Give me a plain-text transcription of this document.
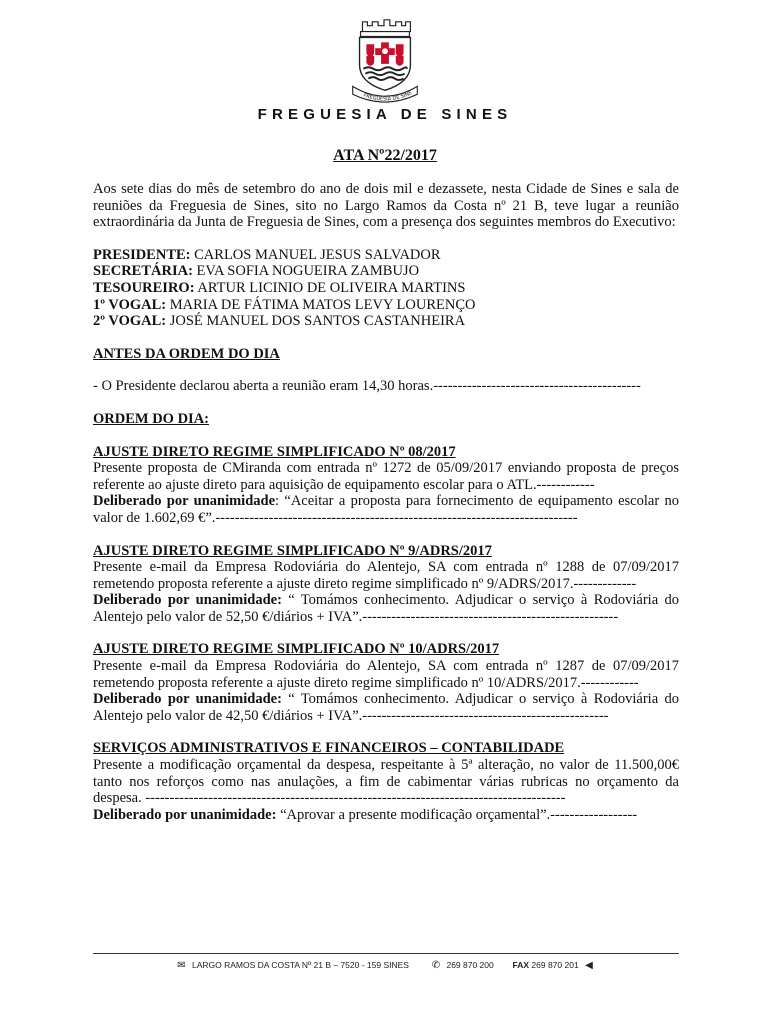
FREGUESIA DE SINE
FREGUESIA DE SINES
ATA Nº22/2017

Aos sete dias do mês de setembro do ano de dois mil e dezassete, nesta Cidade de Sines e sala de reuniões da Freguesia de Sines, sito no Largo Ramos da Costa nº 21 B, teve lugar a reunião extraordinária da Junta de Freguesia de Sines, com a presença dos seguintes membros do Executivo:

PRESIDENTE: CARLOS MANUEL JESUS SALVADOR

SECRETÁRIA: EVA SOFIA NOGUEIRA ZAMBUJO

TESOUREIRO: ARTUR LICINIO DE OLIVEIRA MARTINS

1º VOGAL: MARIA DE FÁTIMA MATOS LEVY LOURENÇO

2º VOGAL: JOSÉ MANUEL DOS SANTOS CASTANHEIRA

ANTES DA ORDEM DO DIA

- O Presidente declarou aberta a reunião eram 14,30 horas.-------------------------------------------

ORDEM DO DIA:

AJUSTE DIRETO REGIME SIMPLIFICADO Nº 08/2017

Presente proposta de CMiranda com entrada nº 1272 de 05/09/2017 enviando proposta de preços referente ao ajuste direto para aquisição de equipamento escolar para o ATL.------------

Deliberado por unanimidade: “Aceitar a proposta para fornecimento de equipamento escolar no valor de 1.602,69 €”.---------------------------------------------------------------------------

AJUSTE DIRETO REGIME SIMPLIFICADO Nº 9/ADRS/2017

Presente e-mail da Empresa Rodoviária do Alentejo, SA com entrada nº 1288 de 07/09/2017 remetendo proposta referente a ajuste direto regime simplificado nº 9/ADRS/2017.-------------

Deliberado por unanimidade: “ Tomámos conhecimento. Adjudicar o serviço à Rodoviária do Alentejo pelo valor de 52,50 €/diários + IVA”.-----------------------------------------------------

AJUSTE DIRETO REGIME SIMPLIFICADO Nº 10/ADRS/2017

Presente e-mail da Empresa Rodoviária do Alentejo, SA com entrada nº 1287 de 07/09/2017 remetendo proposta referente a ajuste direto regime simplificado nº 10/ADRS/2017.------------

Deliberado por unanimidade: “ Tomámos conhecimento. Adjudicar o serviço à Rodoviária do Alentejo pelo valor de 42,50 €/diários + IVA”.---------------------------------------------------

SERVIÇOS ADMINISTRATIVOS E FINANCEIROS – CONTABILIDADE

Presente a modificação orçamental da despesa, respeitante à 5ª alteração, no valor de 11.500,00€ tanto nos reforços como nas anulações, a fim de cabimentar várias rubricas no orçamento da despesa. ---------------------------------------------------------------------------------------

Deliberado por unanimidade: “Aprovar a presente modificação orçamental”.------------------

✉ LARGO RAMOS DA COSTA Nº 21 B – 7520 - 159 SINES ✆ 269 870 200 FAX 269 870 201 ◀
